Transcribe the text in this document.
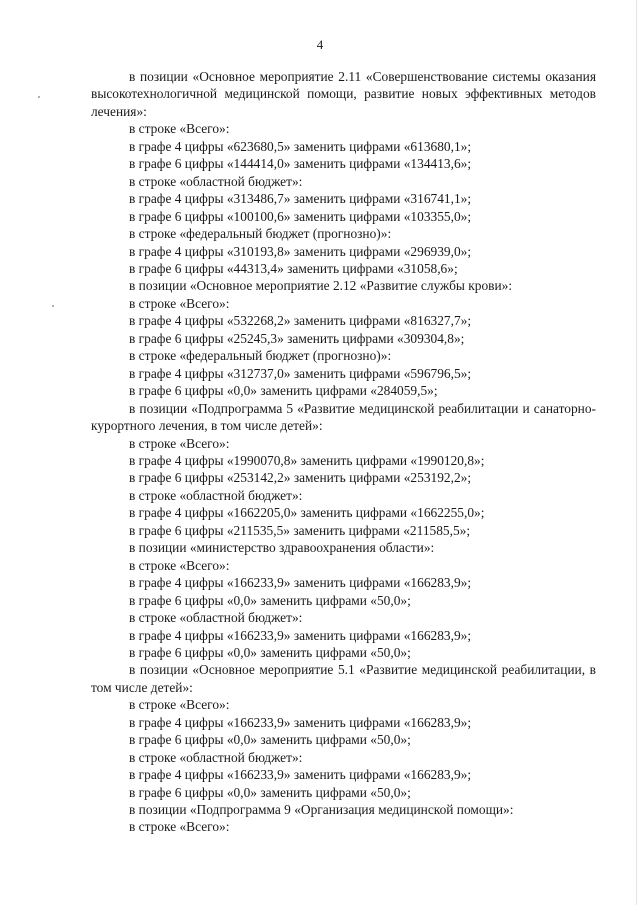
4

в позиции «Основное мероприятие 2.11 «Совершенствование системы оказания высокотехнологичной медицинской помощи, развитие новых эффективных методов лечения»:

в строке «Всего»:

в графе 4 цифры «623680,5» заменить цифрами «613680,1»;

в графе 6 цифры «144414,0» заменить цифрами «134413,6»;

в строке «областной бюджет»:

в графе 4 цифры «313486,7» заменить цифрами «316741,1»;

в графе 6 цифры «100100,6» заменить цифрами «103355,0»;

в строке «федеральный бюджет (прогнозно)»:

в графе 4 цифры «310193,8» заменить цифрами «296939,0»;

в графе 6 цифры «44313,4» заменить цифрами «31058,6»;

в позиции «Основное мероприятие 2.12 «Развитие службы крови»:

в строке «Всего»:

в графе 4 цифры «532268,2» заменить цифрами «816327,7»;

в графе 6 цифры «25245,3» заменить цифрами «309304,8»;

в строке «федеральный бюджет (прогнозно)»:

в графе 4 цифры «312737,0» заменить цифрами «596796,5»;

в графе 6 цифры «0,0» заменить цифрами «284059,5»;

в позиции «Подпрограмма 5 «Развитие медицинской реабилитации и санаторно-курортного лечения, в том числе детей»:

в строке «Всего»:

в графе 4 цифры «1990070,8» заменить цифрами «1990120,8»;

в графе 6 цифры «253142,2» заменить цифрами «253192,2»;

в строке «областной бюджет»:

в графе 4 цифры «1662205,0» заменить цифрами «1662255,0»;

в графе 6 цифры «211535,5» заменить цифрами «211585,5»;

в позиции «министерство здравоохранения области»:

в строке «Всего»:

в графе 4 цифры «166233,9» заменить цифрами «166283,9»;

в графе 6 цифры «0,0» заменить цифрами «50,0»;

в строке «областной бюджет»:

в графе 4 цифры «166233,9» заменить цифрами «166283,9»;

в графе 6 цифры «0,0» заменить цифрами «50,0»;

в позиции «Основное мероприятие 5.1 «Развитие медицинской реабилитации, в том числе детей»:

в строке «Всего»:

в графе 4 цифры «166233,9» заменить цифрами «166283,9»;

в графе 6 цифры «0,0» заменить цифрами «50,0»;

в строке «областной бюджет»:

в графе 4 цифры «166233,9» заменить цифрами «166283,9»;

в графе 6 цифры «0,0» заменить цифрами «50,0»;

в позиции «Подпрограмма 9 «Организация медицинской помощи»:

в строке «Всего»:
